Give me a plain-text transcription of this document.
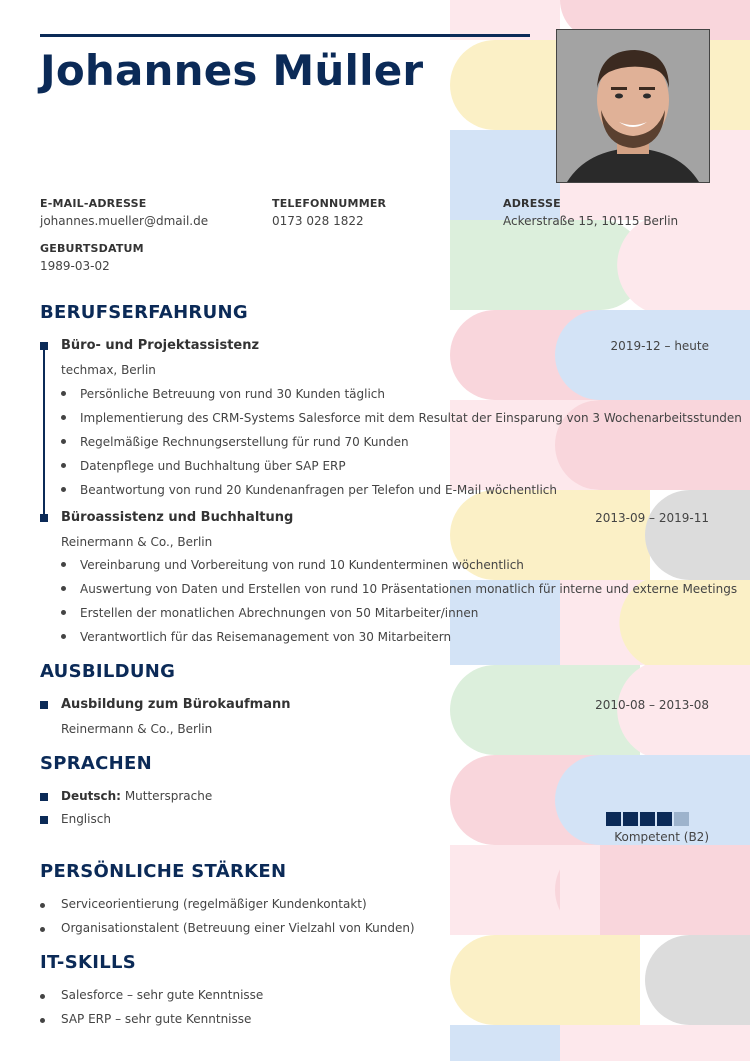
Johannes Müller
E-MAIL-ADRESSE
johannes.mueller@dmail.de
TELEFONNUMMER
0173 028 1822
ADRESSE
Ackerstraße 15, 10115 Berlin
GEBURTSDATUM
1989-03-02
BERUFSERFAHRUNG
Büro- und Projektassistenz	2019-12 – heute
techmax, Berlin
Persönliche Betreuung von rund 30 Kunden täglich
Implementierung des CRM-Systems Salesforce mit dem Resultat der Einsparung von 3 Wochenarbeitsstunden
Regelmäßige Rechnungserstellung für rund 70 Kunden
Datenpflege und Buchhaltung über SAP ERP
Beantwortung von rund 20 Kundenanfragen per Telefon und E-Mail wöchentlich
Büroassistenz und Buchhaltung	2013-09 – 2019-11
Reinermann & Co., Berlin
Vereinbarung und Vorbereitung von rund 10 Kundenterminen wöchentlich
Auswertung von Daten und Erstellen von rund 10 Präsentationen monatlich für interne und externe Meetings
Erstellen der monatlichen Abrechnungen von 50 Mitarbeiter/innen
Verantwortlich für das Reisemanagement von 30 Mitarbeitern
AUSBILDUNG
Ausbildung zum Bürokaufmann	2010-08 – 2013-08
Reinermann & Co., Berlin
SPRACHEN
Deutsch: Muttersprache
Englisch
Kompetent (B2)
PERSÖNLICHE STÄRKEN
Serviceorientierung (regelmäßiger Kundenkontakt)
Organisationstalent (Betreuung einer Vielzahl von Kunden)
IT-SKILLS
Salesforce – sehr gute Kenntnisse
SAP ERP – sehr gute Kenntnisse
